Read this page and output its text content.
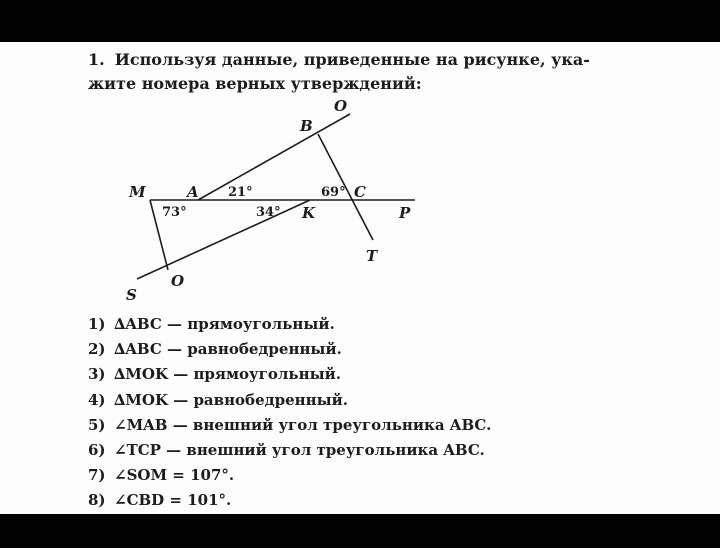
1. Используя данные, приведенные на рисунке, ука-
жите номера верных утверждений:
O
B
M	A	C
K	P
T
O
S
21°	69°
73°	34°
1) ∆ABC — прямоугольный.
2) ∆ABC — равнобедренный.
3) ∆MOK — прямоугольный.
4) ∆MOK — равнобедренный.
5) ∠MAB — внешний угол треугольника ABC.
6) ∠TCP — внешний угол треугольника ABC.
7) ∠SOM = 107°.
8) ∠CBD = 101°.
